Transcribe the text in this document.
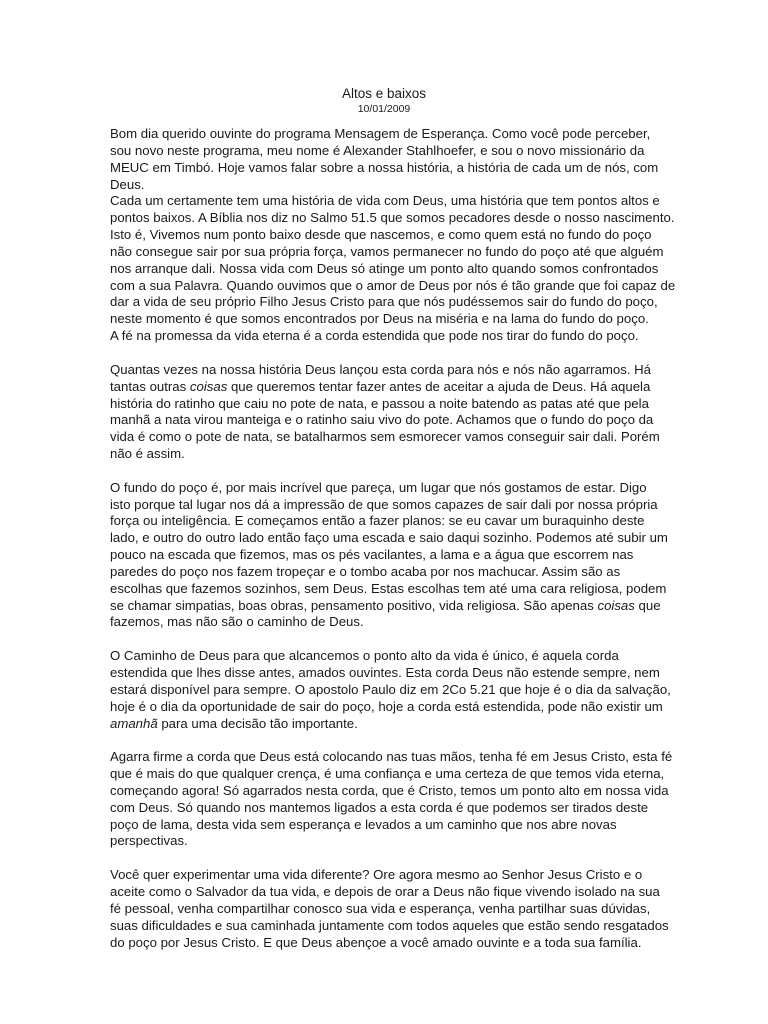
Altos e baixos
10/01/2009
Bom dia querido ouvinte do programa Mensagem de Esperança. Como você pode perceber,
sou novo neste programa, meu nome é Alexander Stahlhoefer, e sou o novo missionário da
MEUC em Timbó. Hoje vamos falar sobre a nossa história, a história de cada um de nós, com
Deus.
Cada um certamente tem uma história de vida com Deus, uma história que tem pontos altos e
pontos baixos. A Bíblia nos diz no Salmo 51.5 que somos pecadores desde o nosso nascimento.
Isto é, Vivemos num ponto baixo desde que nascemos, e como quem está no fundo do poço
não consegue sair por sua própria força, vamos permanecer no fundo do poço até que alguém
nos arranque dali. Nossa vida com Deus só atinge um ponto alto quando somos confrontados
com a sua Palavra. Quando ouvimos que o amor de Deus por nós é tão grande que foi capaz de
dar a vida de seu próprio Filho Jesus Cristo para que nós pudéssemos sair do fundo do poço,
neste momento é que somos encontrados por Deus na miséria e na lama do fundo do poço.
A fé na promessa da vida eterna é a corda estendida que pode nos tirar do fundo do poço.
Quantas vezes na nossa história Deus lançou esta corda para nós e nós não agarramos. Há
tantas outras coisas que queremos tentar fazer antes de aceitar a ajuda de Deus. Há aquela
história do ratinho que caiu no pote de nata, e passou a noite batendo as patas até que pela
manhã a nata virou manteiga e o ratinho saiu vivo do pote. Achamos que o fundo do poço da
vida é como o pote de nata, se batalharmos sem esmorecer vamos conseguir sair dali. Porém
não é assim.
O fundo do poço é, por mais incrível que pareça, um lugar que nós gostamos de estar. Digo
isto porque tal lugar nos dá a impressão de que somos capazes de sair dali por nossa própria
força ou inteligência. E começamos então a fazer planos: se eu cavar um buraquinho deste
lado, e outro do outro lado então faço uma escada e saio daqui sozinho. Podemos até subir um
pouco na escada que fizemos, mas os pés vacilantes, a lama e a água que escorrem nas
paredes do poço nos fazem tropeçar e o tombo acaba por nos machucar. Assim são as
escolhas que fazemos sozinhos, sem Deus. Estas escolhas tem até uma cara religiosa, podem
se chamar simpatias, boas obras, pensamento positivo, vida religiosa. São apenas coisas que
fazemos, mas não são o caminho de Deus.
O Caminho de Deus para que alcancemos o ponto alto da vida é único, é aquela corda
estendida que lhes disse antes, amados ouvintes. Esta corda Deus não estende sempre, nem
estará disponível para sempre. O apostolo Paulo diz em 2Co 5.21 que hoje é o dia da salvação,
hoje é o dia da oportunidade de sair do poço, hoje a corda está estendida, pode não existir um
amanhã para uma decisão tão importante.
Agarra firme a corda que Deus está colocando nas tuas mãos, tenha fé em Jesus Cristo, esta fé
que é mais do que qualquer crença, é uma confiança e uma certeza de que temos vida eterna,
começando agora! Só agarrados nesta corda, que é Cristo, temos um ponto alto em nossa vida
com Deus. Só quando nos mantemos ligados a esta corda é que podemos ser tirados deste
poço de lama, desta vida sem esperança e levados a um caminho que nos abre novas
perspectivas.
Você quer experimentar uma vida diferente? Ore agora mesmo ao Senhor Jesus Cristo e o
aceite como o Salvador da tua vida, e depois de orar a Deus não fique vivendo isolado na sua
fé pessoal, venha compartilhar conosco sua vida e esperança, venha partilhar suas dúvidas,
suas dificuldades e sua caminhada juntamente com todos aqueles que estão sendo resgatados
do poço por Jesus Cristo. E que Deus abençoe a você amado ouvinte e a toda sua família.
